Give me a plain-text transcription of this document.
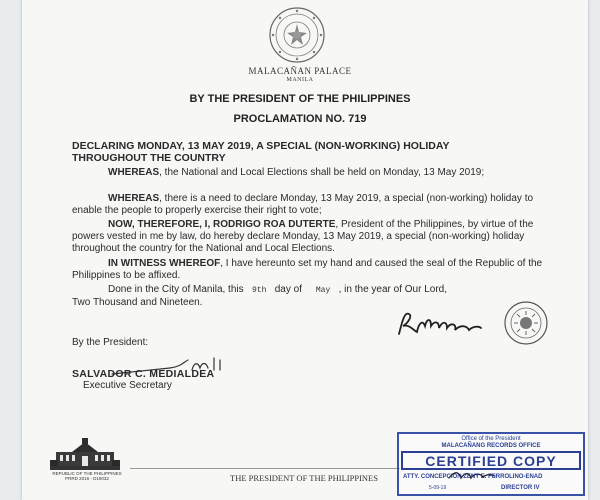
MALACAÑAN PALACE
MANILA
BY THE PRESIDENT OF THE PHILIPPINES
PROCLAMATION NO. 719
DECLARING MONDAY, 13 MAY 2019, A SPECIAL (NON-WORKING) HOLIDAY
THROUGHOUT THE COUNTRY
WHEREAS, the National and Local Elections shall be held on Monday, 13 May 2019;
WHEREAS, there is a need to declare Monday, 13 May 2019, a special (non-working) holiday to enable the people to properly exercise their right to vote;
NOW, THEREFORE, I, RODRIGO ROA DUTERTE, President of the Philippines, by virtue of the powers vested in me by law, do hereby declare Monday, 13 May 2019, a special (non-working) holiday throughout the country for the National and Local Elections.
IN WITNESS WHEREOF, I have hereunto set my hand and caused the seal of the Republic of the Philippines to be affixed.
Done in the City of Manila, this 9th day of May , in the year of Our Lord,
Two Thousand and Nineteen.
By the President:
SALVADOR C. MEDIALDEA
Executive Secretary
REPUBLIC OF THE PHILIPPINES
PRRD 2016 - D19032	THE PRESIDENT OF THE PHILIPPINES
Office of the President
MALACAÑANG RECORDS OFFICE
CERTIFIED COPY
ATTY. CONCEPCION ZENY E. FERROLINO-ENAD
5-09-19	DIRECTOR IV
